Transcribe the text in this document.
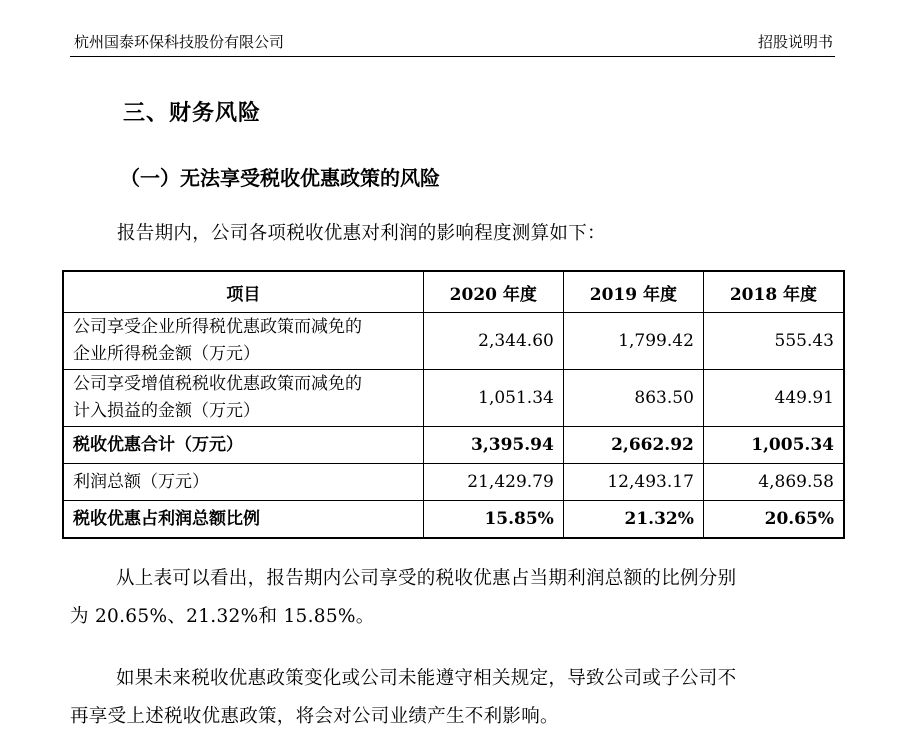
杭州国泰环保科技股份有限公司	招股说明书
三、财务风险
（一）无法享受税收优惠政策的风险
报告期内，公司各项税收优惠对利润的影响程度测算如下：
项目	2020 年度	2019 年度	2018 年度
公司享受企业所得税优惠政策而减免的
企业所得税金额（万元）	2,344.60	1,799.42	555.43
公司享受增值税税收优惠政策而减免的
计入损益的金额（万元）	1,051.34	863.50	449.91
税收优惠合计（万元）	3,395.94	2,662.92	1,005.34
利润总额（万元）	21,429.79	12,493.17	4,869.58
税收优惠占利润总额比例	15.85%	21.32%	20.65%
从上表可以看出，报告期内公司享受的税收优惠占当期利润总额的比例分别
为 20.65%、21.32%和 15.85%。
如果未来税收优惠政策变化或公司未能遵守相关规定，导致公司或子公司不
再享受上述税收优惠政策，将会对公司业绩产生不利影响。
